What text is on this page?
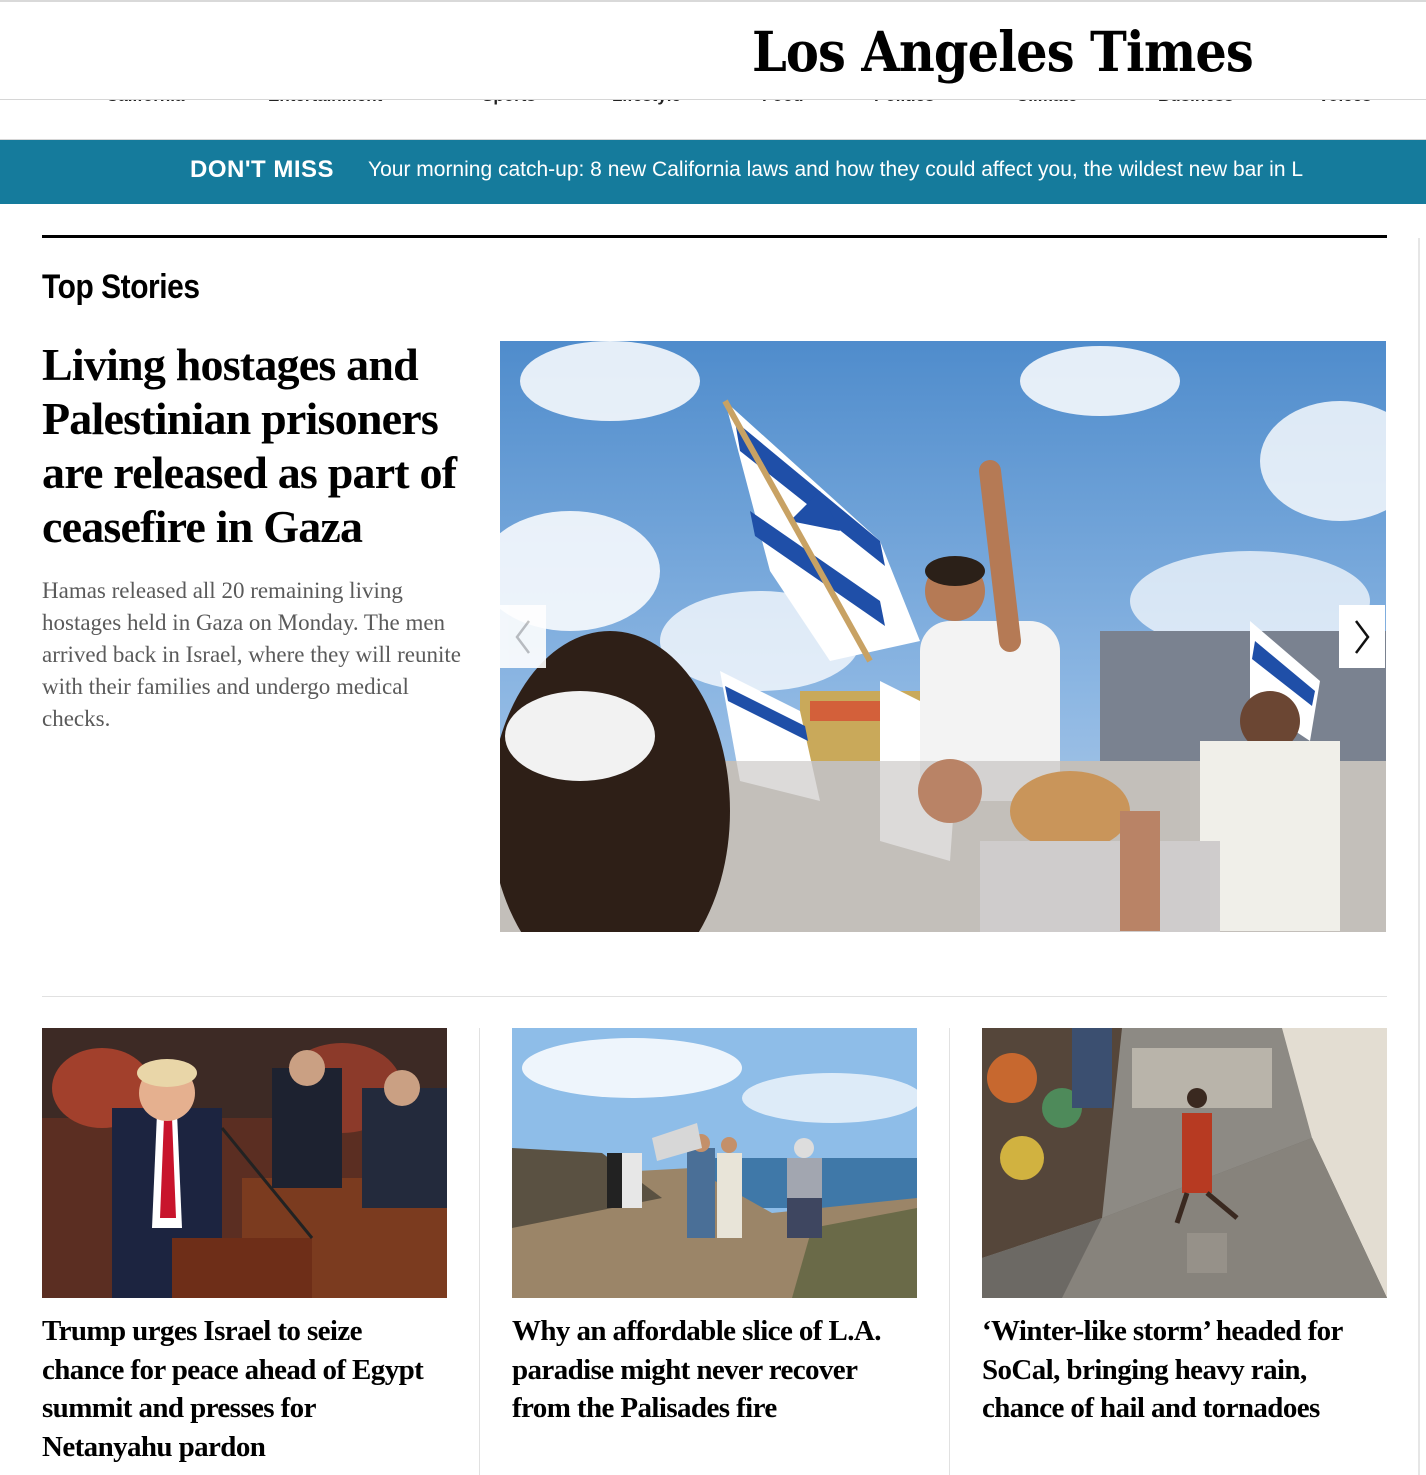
Los Angeles Times
DON'T MISS Your morning catch-up: 8 new California laws and how they could affect you, the wildest new bar in L
Top Stories
Living hostages and Palestinian prisoners are released as part of ceasefire in Gaza

Hamas released all 20 remaining living hostages held in Gaza on Monday. The men arrived back in Israel, where they will reunite with their families and undergo medical checks.

Trump urges Israel to seize chance for peace ahead of Egypt summit and presses for Netanyahu pardon
Why an affordable slice of L.A. paradise might never recover from the Palisades fire
‘Winter-like storm’ headed for SoCal, bringing heavy rain, chance of hail and tornadoes
